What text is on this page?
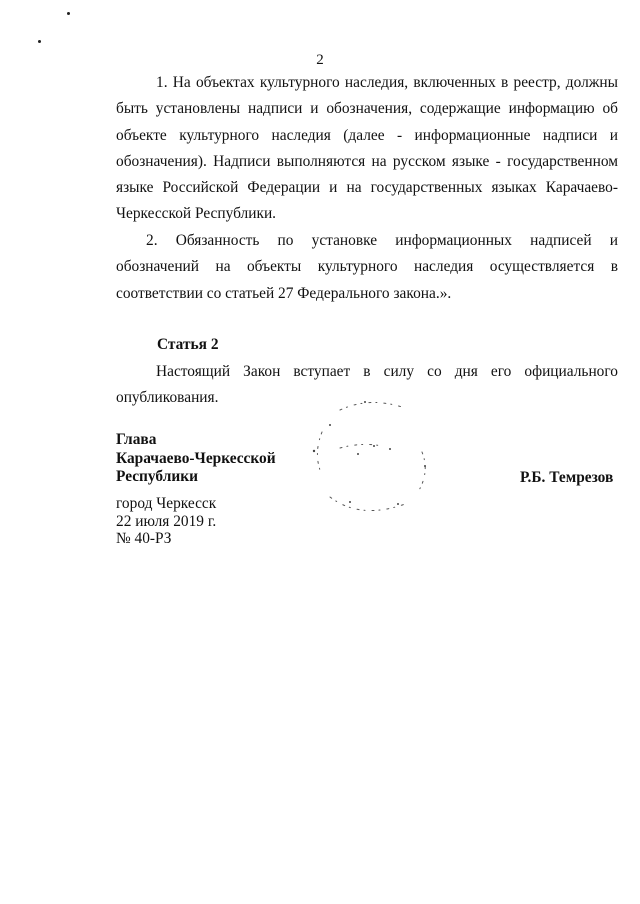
2
1. На объектах культурного наследия, включенных в реестр, должны быть установлены надписи и обозначения, содержащие информацию об объекте культурного наследия (далее - информационные надписи и обозначения). Надписи выполняются на русском языке - государственном языке Российской Федерации и на государственных языках Карачаево-Черкесской Республики.
2. Обязанность по установке информационных надписей и обозначений на объекты культурного наследия осуществляется в соответствии со статьей 27 Федерального закона.».
Статья 2
Настоящий Закон вступает в силу со дня его официального опубликования.
Глава
Карачаево-Черкесской
Республики	Р.Б. Темрезов
город Черкесск
22 июля 2019 г.
№ 40-РЗ
